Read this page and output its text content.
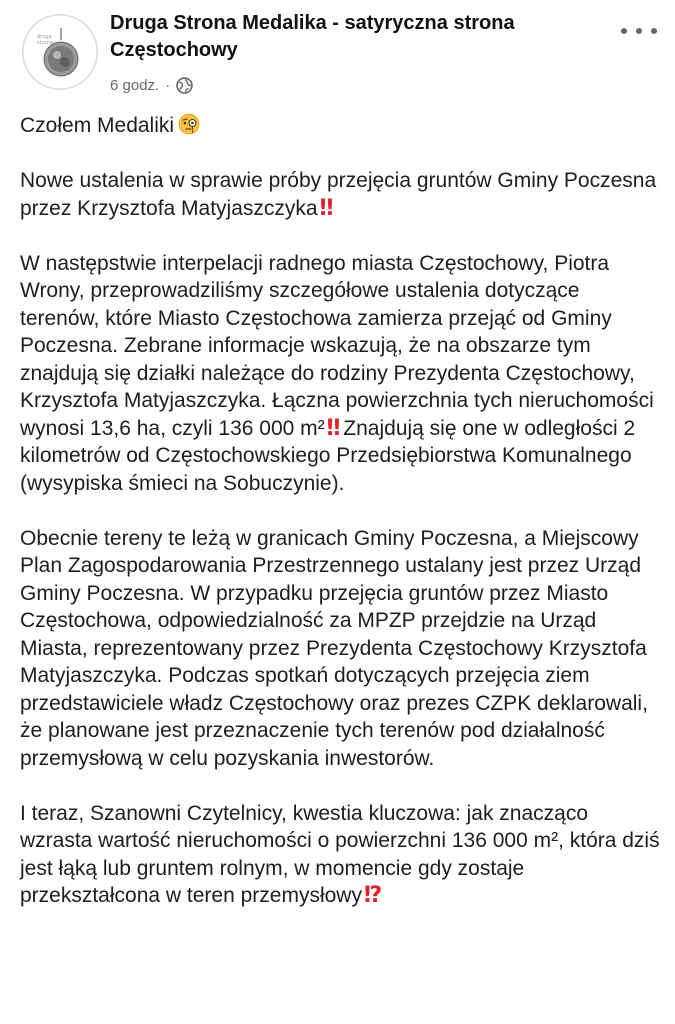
druga
strona
Druga Strona Medalika - satyryczna strona Częstochowy
6 godz. ·

Czołem Medaliki

Nowe ustalenia w sprawie próby przejęcia gruntów Gminy Poczesna przez Krzysztofa Matyjaszczyka‼

W następstwie interpelacji radnego miasta Częstochowy, Piotra Wrony, przeprowadziliśmy szczegółowe ustalenia dotyczące terenów, które Miasto Częstochowa zamierza przejąć od Gminy Poczesna. Zebrane informacje wskazują, że na obszarze tym znajdują się działki należące do rodziny Prezydenta Częstochowy, Krzysztofa Matyjaszczyka. Łączna powierzchnia tych nieruchomości wynosi 13,6 ha, czyli 136 000 m²‼ Znajdują się one w odległości 2 kilometrów od Częstochowskiego Przedsiębiorstwa Komunalnego (wysypiska śmieci na Sobuczynie).

Obecnie tereny te leżą w granicach Gminy Poczesna, a Miejscowy Plan Zagospodarowania Przestrzennego ustalany jest przez Urząd Gminy Poczesna. W przypadku przejęcia gruntów przez Miasto Częstochowa, odpowiedzialność za MPZP przejdzie na Urząd Miasta, reprezentowany przez Prezydenta Częstochowy Krzysztofa Matyjaszczyka. Podczas spotkań dotyczących przejęcia ziem przedstawiciele władz Częstochowy oraz prezes CZPK deklarowali, że planowane jest przeznaczenie tych terenów pod działalność przemysłową w celu pozyskania inwestorów.

I teraz, Szanowni Czytelnicy, kwestia kluczowa: jak znacząco wzrasta wartość nieruchomości o powierzchni 136 000 m², która dziś jest łąką lub gruntem rolnym, w momencie gdy zostaje przekształcona w teren przemysłowy⁉
